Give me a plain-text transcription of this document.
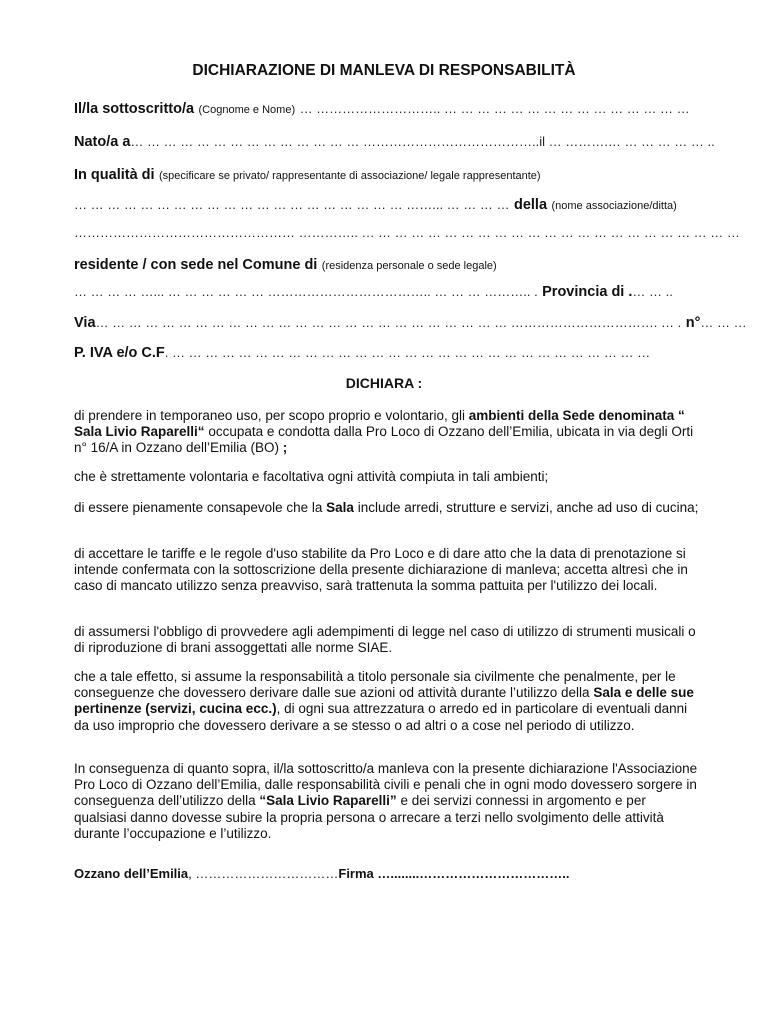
DICHIARAZIONE DI MANLEVA DI RESPONSABILITÀ
Il/la sottoscritto/a (Cognome e Nome) … ……………………….. … … … … … … … … … … … … … … …
Nato/a a… … … … … … … … … … … … … … …………………………………..il … ……….… … … … … … ..
In qualità di (specificare se privato/ rappresentante di associazione/ legale rappresentante)
… … … … … … … … … … … … … … … … … … … … ……... … … … … della (nome associazione/ditta)
…………………………………………… ………….. … … … … … … … … … … … … … … … … … … … … … … …
residente / con sede nel Comune di (residenza personale o sede legale)
… … … … …... … … … … … … ……………………………….. … … … ……….. . Provincia di .… … ..
Via… … … … … … … … … … … … … … … … … … … … … … … … … ……………………………. … . n°… … …
P. IVA e/o C.F. … … … … … … … … … … … … … … … … … … … … … … … … … … … … …
DICHIARA :

di prendere in temporaneo uso, per scopo proprio e volontario, gli ambienti della Sede denominata “ Sala Livio Raparelli“ occupata e condotta dalla Pro Loco di Ozzano dell’Emilia, ubicata in via degli Orti n° 16/A in Ozzano dell’Emilia (BO) ;

che è strettamente volontaria e facoltativa ogni attività compiuta in tali ambienti;

di essere pienamente consapevole che la Sala include arredi, strutture e servizi, anche ad uso di cucina;

di accettare le tariffe e le regole d'uso stabilite da Pro Loco e di dare atto che la data di prenotazione si intende confermata con la sottoscrizione della presente dichiarazione di manleva; accetta altresì che in caso di mancato utilizzo senza preavviso, sarà trattenuta la somma pattuita per l'utilizzo dei locali.

di assumersi l'obbligo di provvedere agli adempimenti di legge nel caso di utilizzo di strumenti musicali o di riproduzione di brani assoggettati alle norme SIAE.

che a tale effetto, si assume la responsabilità a titolo personale sia civilmente che penalmente, per le conseguenze che dovessero derivare dalle sue azioni od attività durante l’utilizzo della Sala e delle sue pertinenze (servizi, cucina ecc.), di ogni sua attrezzatura o arredo ed in particolare di eventuali danni da uso improprio che dovessero derivare a se stesso o ad altri o a cose nel periodo di utilizzo.

In conseguenza di quanto sopra, il/la sottoscritto/a manleva con la presente dichiarazione l'Associazione Pro Loco di Ozzano dell’Emilia, dalle responsabilità civili e penali che in ogni modo dovessero sorgere in conseguenza dell’utilizzo della “Sala Livio Raparelli” e dei servizi connessi in argomento e per qualsiasi danno dovesse subire la propria persona o arrecare a terzi nello svolgimento delle attività durante l’occupazione e l’utilizzo.

Ozzano dell’Emilia, ……………………………Firma …........……………………………..
